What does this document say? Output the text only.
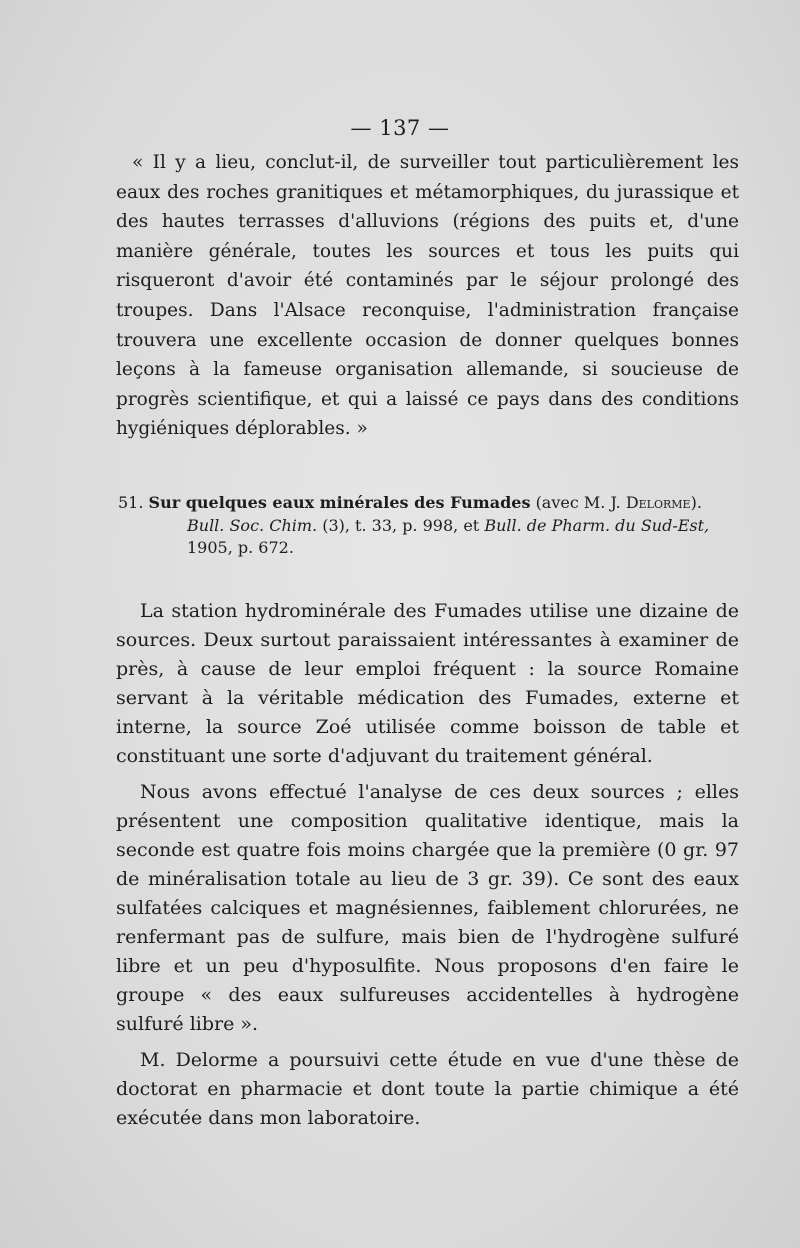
— 137 —

« Il y a lieu, conclut-il, de surveiller tout particulièrement les eaux des roches granitiques et métamorphiques, du jurassique et des hautes terrasses d'alluvions (régions des puits et, d'une manière générale, toutes les sources et tous les puits qui risqueront d'avoir été contaminés par le séjour prolongé des troupes. Dans l'Alsace reconquise, l'administration française trouvera une excellente occasion de donner quelques bonnes leçons à la fameuse organisation allemande, si soucieuse de progrès scientifique, et qui a laissé ce pays dans des conditions hygiéniques déplorables. »

51. Sur quelques eaux minérales des Fumades (avec M. J. Delorme).
Bull. Soc. Chim. (3), t. 33, p. 998, et Bull. de Pharm. du Sud-Est,
1905, p. 672.

La station hydrominérale des Fumades utilise une dizaine de sources. Deux surtout paraissaient intéressantes à examiner de près, à cause de leur emploi fréquent : la source Romaine servant à la véritable médication des Fumades, externe et interne, la source Zoé utilisée comme boisson de table et constituant une sorte d'adjuvant du traitement général.

Nous avons effectué l'analyse de ces deux sources ; elles présentent une composition qualitative identique, mais la seconde est quatre fois moins chargée que la première (0 gr. 97 de minéralisation totale au lieu de 3 gr. 39). Ce sont des eaux sulfatées calciques et magnésiennes, faiblement chlorurées, ne renfermant pas de sulfure, mais bien de l'hydrogène sulfuré libre et un peu d'hyposulfite. Nous proposons d'en faire le groupe « des eaux sulfureuses accidentelles à hydrogène sulfuré libre ».

M. Delorme a poursuivi cette étude en vue d'une thèse de doctorat en pharmacie et dont toute la partie chimique a été exécutée dans mon laboratoire.
